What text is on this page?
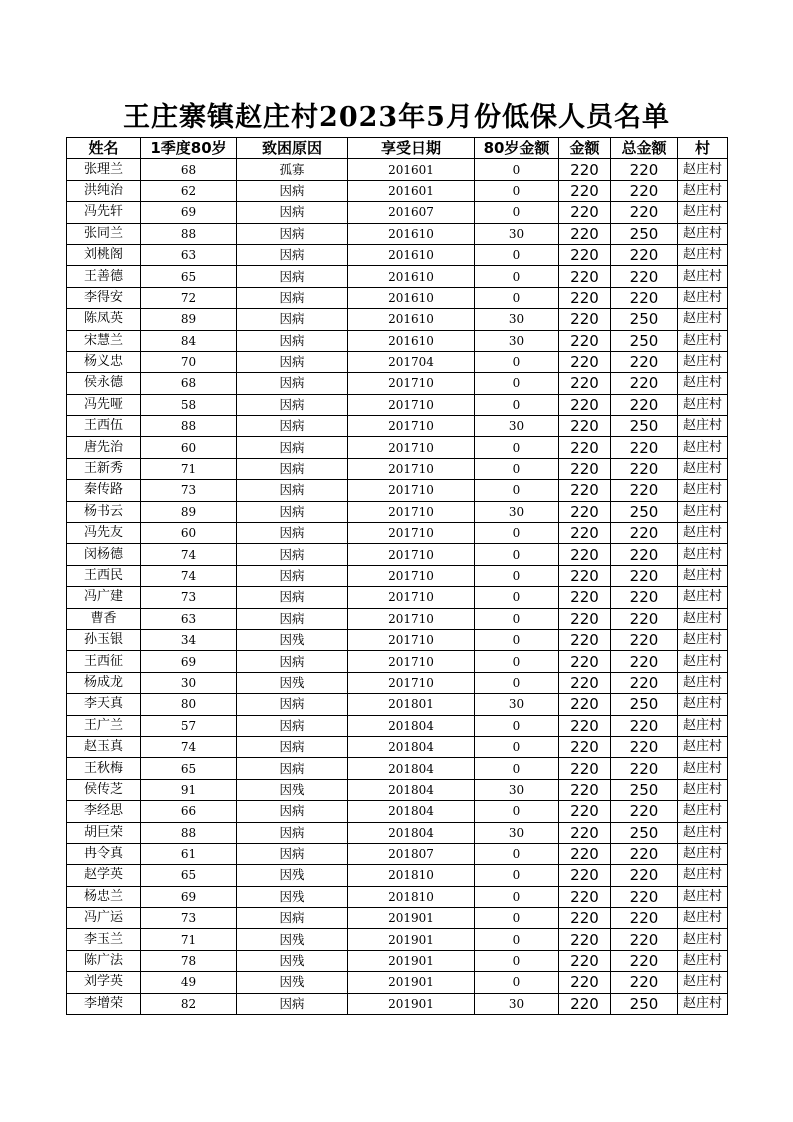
王庄寨镇赵庄村2023年5月份低保人员名单
姓名	1季度80岁	致困原因	享受日期	80岁金额	金额	总金额	村
张理兰	68	孤寡	201601	0	220	220	赵庄村
洪纯治	62	因病	201601	0	220	220	赵庄村
冯先轩	69	因病	201607	0	220	220	赵庄村
张同兰	88	因病	201610	30	220	250	赵庄村
刘桃阁	63	因病	201610	0	220	220	赵庄村
王善德	65	因病	201610	0	220	220	赵庄村
李得安	72	因病	201610	0	220	220	赵庄村
陈凤英	89	因病	201610	30	220	250	赵庄村
宋慧兰	84	因病	201610	30	220	250	赵庄村
杨义忠	70	因病	201704	0	220	220	赵庄村
侯永德	68	因病	201710	0	220	220	赵庄村
冯先哑	58	因病	201710	0	220	220	赵庄村
王西伍	88	因病	201710	30	220	250	赵庄村
唐先治	60	因病	201710	0	220	220	赵庄村
王新秀	71	因病	201710	0	220	220	赵庄村
秦传路	73	因病	201710	0	220	220	赵庄村
杨书云	89	因病	201710	30	220	250	赵庄村
冯先友	60	因病	201710	0	220	220	赵庄村
闵杨德	74	因病	201710	0	220	220	赵庄村
王西民	74	因病	201710	0	220	220	赵庄村
冯广建	73	因病	201710	0	220	220	赵庄村
曹香	63	因病	201710	0	220	220	赵庄村
孙玉银	34	因残	201710	0	220	220	赵庄村
王西征	69	因病	201710	0	220	220	赵庄村
杨成龙	30	因残	201710	0	220	220	赵庄村
李天真	80	因病	201801	30	220	250	赵庄村
王广兰	57	因病	201804	0	220	220	赵庄村
赵玉真	74	因病	201804	0	220	220	赵庄村
王秋梅	65	因病	201804	0	220	220	赵庄村
侯传芝	91	因残	201804	30	220	250	赵庄村
李经思	66	因病	201804	0	220	220	赵庄村
胡巨荣	88	因病	201804	30	220	250	赵庄村
冉令真	61	因病	201807	0	220	220	赵庄村
赵学英	65	因残	201810	0	220	220	赵庄村
杨忠兰	69	因残	201810	0	220	220	赵庄村
冯广运	73	因病	201901	0	220	220	赵庄村
李玉兰	71	因残	201901	0	220	220	赵庄村
陈广法	78	因残	201901	0	220	220	赵庄村
刘学英	49	因残	201901	0	220	220	赵庄村
李增荣	82	因病	201901	30	220	250	赵庄村
